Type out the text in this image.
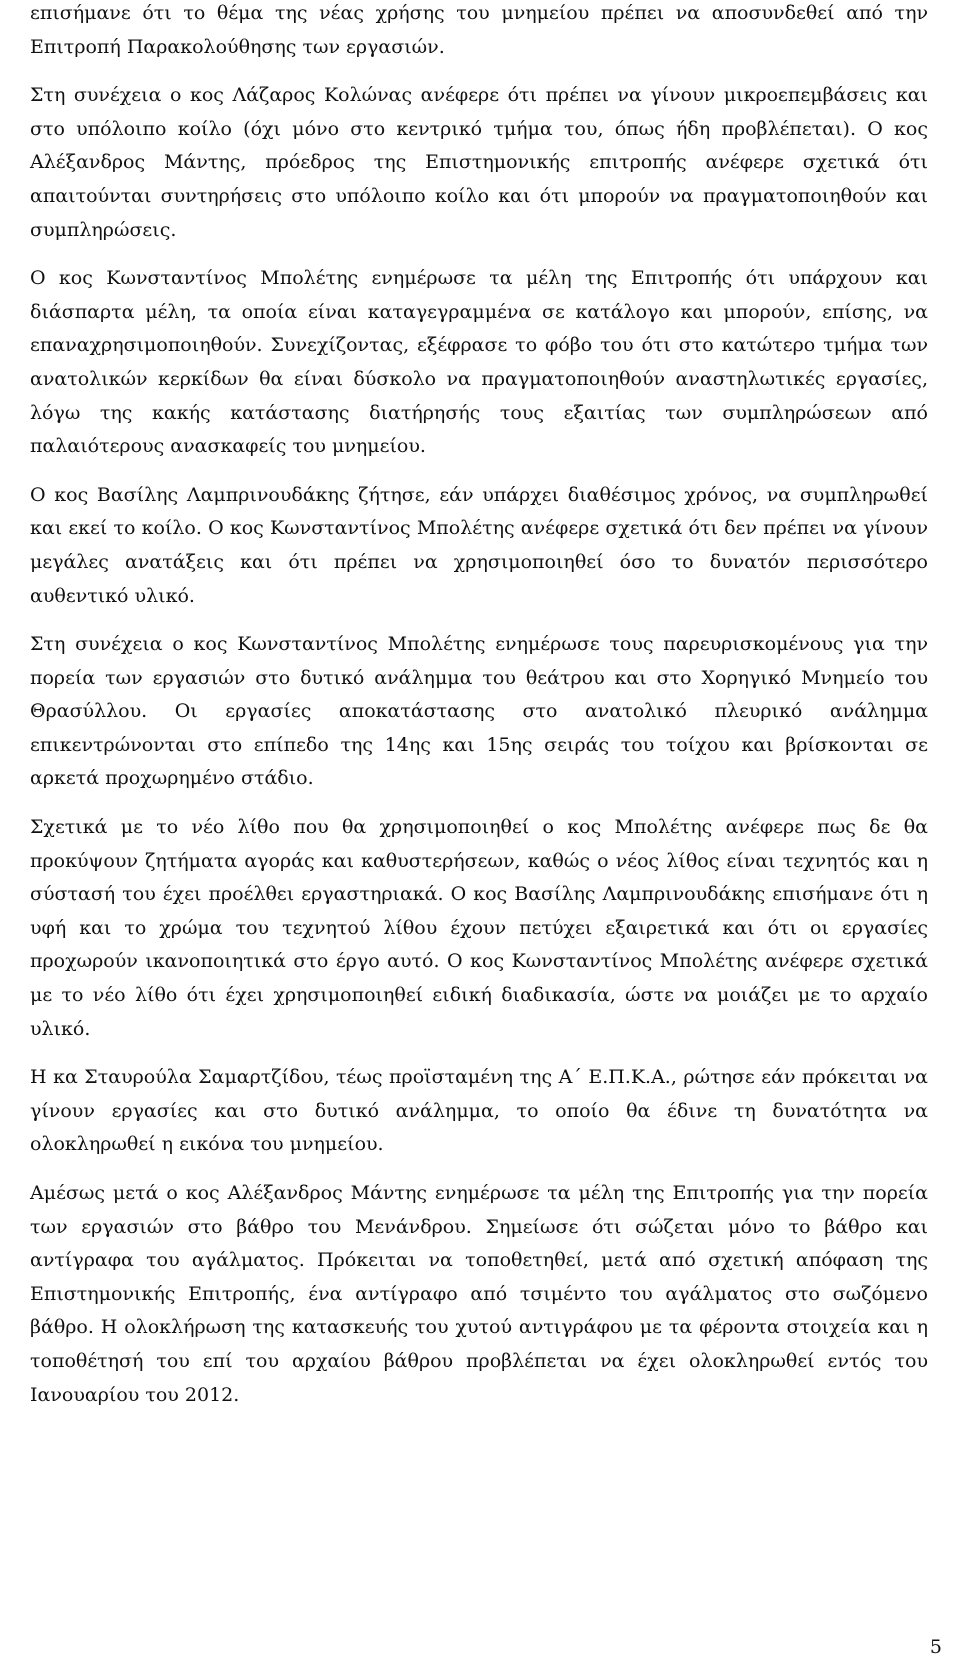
επισήμανε ότι το θέμα της νέας χρήσης του μνημείου πρέπει να αποσυνδεθεί από την Επιτροπή Παρακολούθησης των εργασιών.

Στη συνέχεια ο κος Λάζαρος Κολώνας ανέφερε ότι πρέπει να γίνουν μικροεπεμβάσεις και στο υπόλοιπο κοίλο (όχι μόνο στο κεντρικό τμήμα του, όπως ήδη προβλέπεται). Ο κος Αλέξανδρος Μάντης, πρόεδρος της Επιστημονικής επιτροπής ανέφερε σχετικά ότι απαιτούνται συντηρήσεις στο υπόλοιπο κοίλο και ότι μπορούν να πραγματοποιηθούν και συμπληρώσεις.

Ο κος Κωνσταντίνος Μπολέτης ενημέρωσε τα μέλη της Επιτροπής ότι υπάρχουν και διάσπαρτα μέλη, τα οποία είναι καταγεγραμμένα σε κατάλογο και μπορούν, επίσης, να επαναχρησιμοποιηθούν. Συνεχίζοντας, εξέφρασε το φόβο του ότι στο κατώτερο τμήμα των ανατολικών κερκίδων θα είναι δύσκολο να πραγματοποιηθούν αναστηλωτικές εργασίες, λόγω της κακής κατάστασης διατήρησής τους εξαιτίας των συμπληρώσεων από παλαιότερους ανασκαφείς του μνημείου.

Ο κος Βασίλης Λαμπρινουδάκης ζήτησε, εάν υπάρχει διαθέσιμος χρόνος, να συμπληρωθεί και εκεί το κοίλο. Ο κος Κωνσταντίνος Μπολέτης ανέφερε σχετικά ότι δεν πρέπει να γίνουν μεγάλες ανατάξεις και ότι πρέπει να χρησιμοποιηθεί όσο το δυνατόν περισσότερο αυθεντικό υλικό.

Στη συνέχεια ο κος Κωνσταντίνος Μπολέτης ενημέρωσε τους παρευρισκομένους για την πορεία των εργασιών στο δυτικό ανάλημμα του θεάτρου και στο Χορηγικό Μνημείο του Θρασύλλου. Οι εργασίες αποκατάστασης στο ανατολικό πλευρικό ανάλημμα επικεντρώνονται στο επίπεδο της 14ης και 15ης σειράς του τοίχου και βρίσκονται σε αρκετά προχωρημένο στάδιο.

Σχετικά με το νέο λίθο που θα χρησιμοποιηθεί ο κος Μπολέτης ανέφερε πως δε θα προκύψουν ζητήματα αγοράς και καθυστερήσεων, καθώς ο νέος λίθος είναι τεχνητός και η σύστασή του έχει προέλθει εργαστηριακά. Ο κος Βασίλης Λαμπρινουδάκης επισήμανε ότι η υφή και το χρώμα του τεχνητού λίθου έχουν πετύχει εξαιρετικά και ότι οι εργασίες προχωρούν ικανοποιητικά στο έργο αυτό. Ο κος Κωνσταντίνος Μπολέτης ανέφερε σχετικά με το νέο λίθο ότι έχει χρησιμοποιηθεί ειδική διαδικασία, ώστε να μοιάζει με το αρχαίο υλικό.

Η κα Σταυρούλα Σαμαρτζίδου, τέως προϊσταμένη της Α΄ Ε.Π.Κ.Α., ρώτησε εάν πρόκειται να γίνουν εργασίες και στο δυτικό ανάλημμα, το οποίο θα έδινε τη δυνατότητα να ολοκληρωθεί η εικόνα του μνημείου.

Αμέσως μετά ο κος Αλέξανδρος Μάντης ενημέρωσε τα μέλη της Επιτροπής για την πορεία των εργασιών στο βάθρο του Μενάνδρου. Σημείωσε ότι σώζεται μόνο το βάθρο και αντίγραφα του αγάλματος. Πρόκειται να τοποθετηθεί, μετά από σχετική απόφαση της Επιστημονικής Επιτροπής, ένα αντίγραφο από τσιμέντο του αγάλματος στο σωζόμενο βάθρο. Η ολοκλήρωση της κατασκευής του χυτού αντιγράφου με τα φέροντα στοιχεία και η τοποθέτησή του επί του αρχαίου βάθρου προβλέπεται να έχει ολοκληρωθεί εντός του Ιανουαρίου του 2012.

5
